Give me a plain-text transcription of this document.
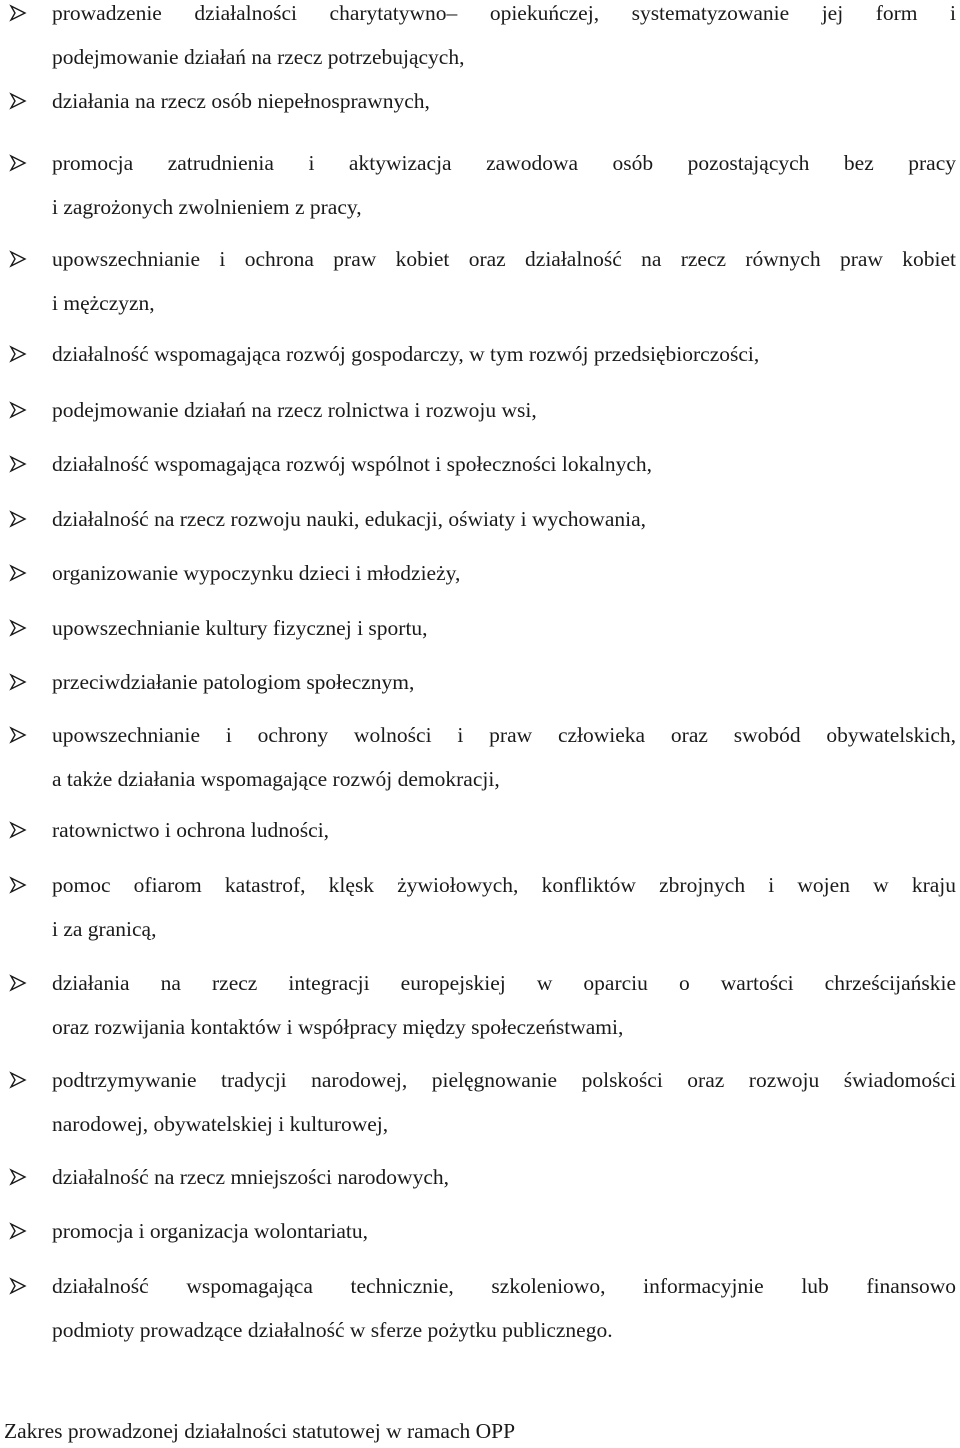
prowadzenie działalności charytatywno– opiekuńczej, systematyzowanie jej form i
podejmowanie działań na rzecz potrzebujących,
działania na rzecz osób niepełnosprawnych,
promocja zatrudnienia i aktywizacja zawodowa osób pozostających bez pracy
i zagrożonych zwolnieniem z pracy,
upowszechnianie i ochrona praw kobiet oraz działalność na rzecz równych praw kobiet
i mężczyzn,
działalność wspomagająca rozwój gospodarczy, w tym rozwój przedsiębiorczości,
podejmowanie działań na rzecz rolnictwa i rozwoju wsi,
działalność wspomagająca rozwój wspólnot i społeczności lokalnych,
działalność na rzecz rozwoju nauki, edukacji, oświaty i wychowania,
organizowanie wypoczynku dzieci i młodzieży,
upowszechnianie kultury fizycznej i sportu,
przeciwdziałanie patologiom społecznym,
upowszechnianie i ochrony wolności i praw człowieka oraz swobód obywatelskich,
a także działania wspomagające rozwój demokracji,
ratownictwo i ochrona ludności,
pomoc ofiarom katastrof, klęsk żywiołowych, konfliktów zbrojnych i wojen w kraju
i za granicą,
działania na rzecz integracji europejskiej w oparciu o wartości chrześcijańskie
oraz rozwijania kontaktów i współpracy między społeczeństwami,
podtrzymywanie tradycji narodowej, pielęgnowanie polskości oraz rozwoju świadomości
narodowej, obywatelskiej i kulturowej,
działalność na rzecz mniejszości narodowych,
promocja i organizacja wolontariatu,
działalność wspomagająca technicznie, szkoleniowo, informacyjnie lub finansowo
podmioty prowadzące działalność w sferze pożytku publicznego.
Zakres prowadzonej działalności statutowej w ramach OPP
